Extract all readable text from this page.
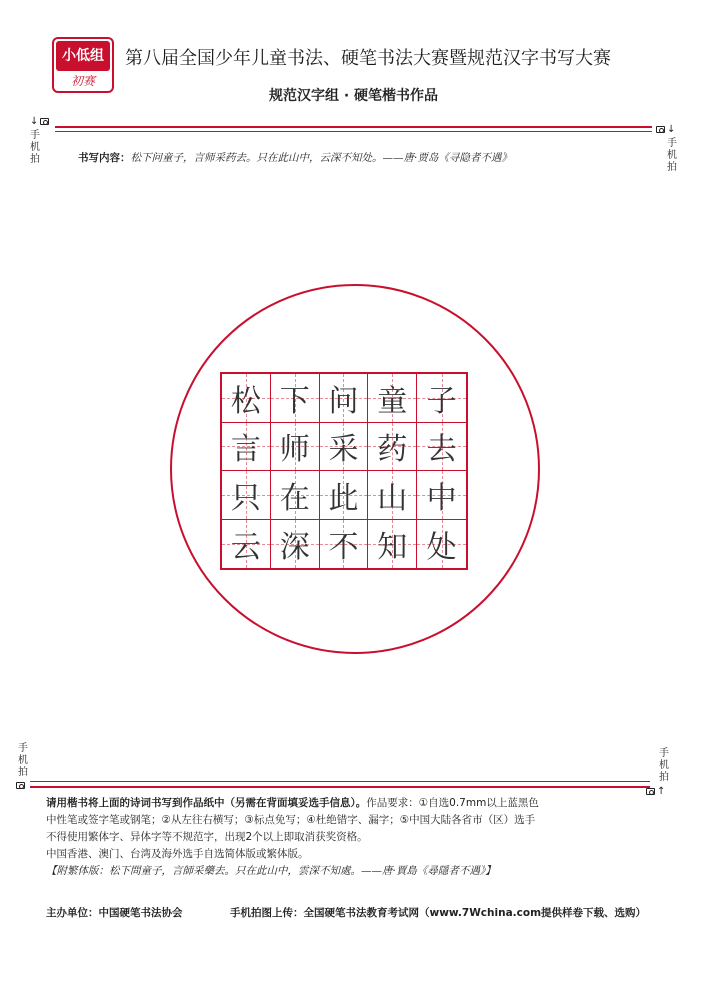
小低组
初赛
第八届全国少年儿童书法、硬笔书法大赛暨规范汉字书写大赛
规范汉字组 · 硬笔楷书作品
↓
手机拍
↓
手机拍
书写内容：松下问童子，言师采药去。只在此山中，云深不知处。——唐·贾岛《寻隐者不遇》
松 下 问 童 子
言 师 采 药 去
只 在 此 山 中
云 深 不 知 处
手机拍
手机拍
↑

请用楷书将上面的诗词书写到作品纸中（另需在背面填妥选手信息）。作品要求：①自选0.7mm以上蓝黑色

中性笔或签字笔或钢笔；②从左往右横写；③标点免写；④杜绝错字、漏字；⑤中国大陆各省市（区）选手

不得使用繁体字、异体字等不规范字，出现2个以上即取消获奖资格。

中国香港、澳门、台湾及海外选手自选简体版或繁体版。

【附繁体版：松下問童子，言師采藥去。只在此山中，雲深不知處。——唐·賈島《尋隱者不遇》】

主办单位：中国硬笔书法协会	手机拍图上传：全国硬笔书法教育考试网（www.7Wchina.com提供样卷下载、选购）
